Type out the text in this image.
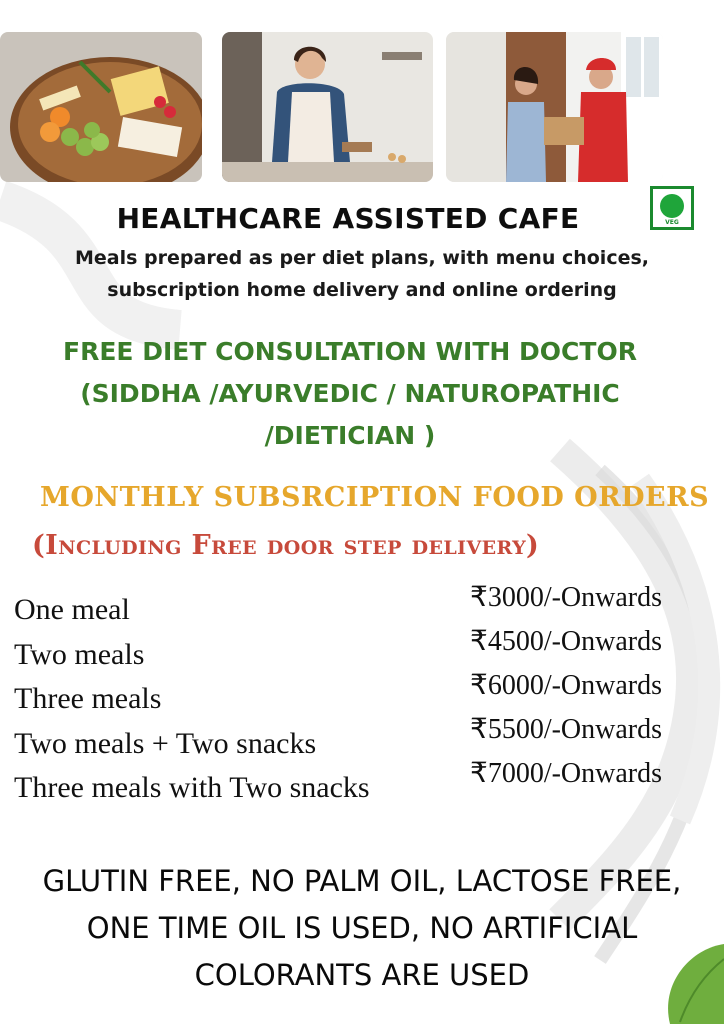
VEG
HEALTHCARE ASSISTED CAFE
Meals prepared as per diet plans, with menu choices,
subscription home delivery and online ordering
FREE DIET CONSULTATION WITH DOCTOR
(SIDDHA /AYURVEDIC / NATUROPATHIC
/DIETICIAN )
MONTHLY SUBSRCIPTION FOOD ORDERS
(Including Free door step delivery)
One meal
Two meals
Three meals
Two meals + Two snacks
Three meals with Two snacks
₹3000/-Onwards
₹4500/-Onwards
₹6000/-Onwards
₹5500/-Onwards
₹7000/-Onwards
GLUTIN FREE, NO PALM OIL, LACTOSE FREE,
ONE TIME OIL IS USED, NO ARTIFICIAL
COLORANTS ARE USED
